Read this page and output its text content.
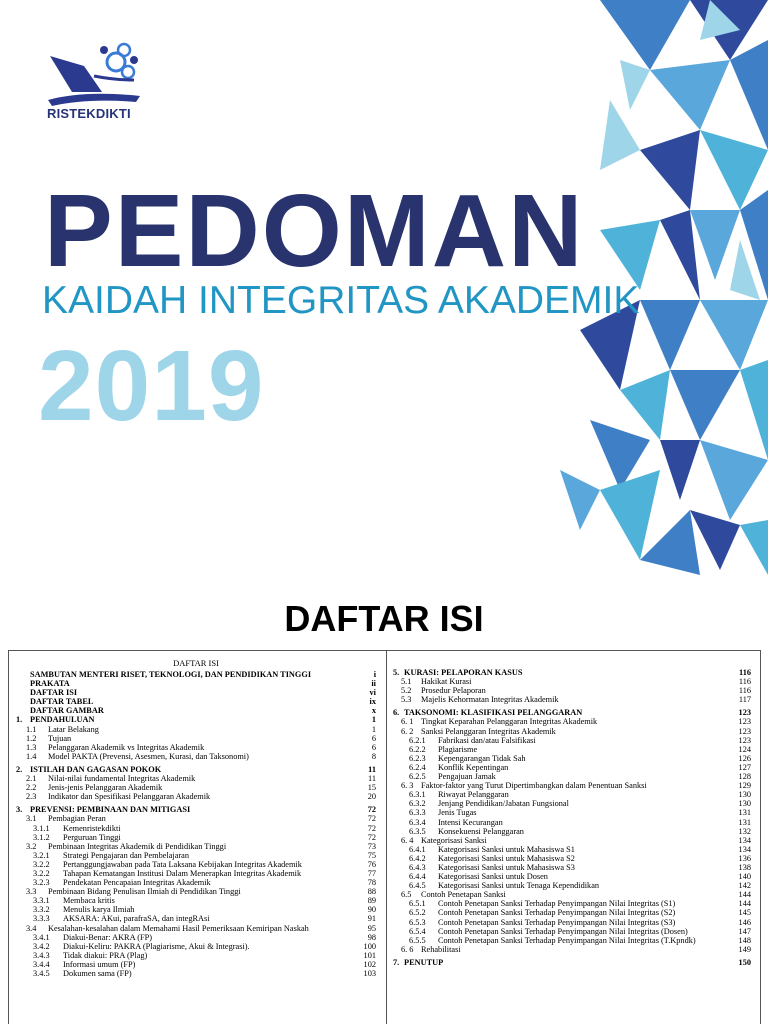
RISTEKDIKTI
PEDOMAN
KAIDAH INTEGRITAS AKADEMIK
2019
DAFTAR ISI
DAFTAR ISI
SAMBUTAN MENTERI RISET, TEKNOLOGI, DAN PENDIDIKAN TINGGI	i
PRAKATA	ii
DAFTAR ISI	vi
DAFTAR TABEL	ix
DAFTAR GAMBAR	x
1. PENDAHULUAN	1
1.1	Latar Belakang	1
1.2	Tujuan	6
1.3	Pelanggaran Akademik vs Integritas Akademik	6
1.4	Model PAKTA (Prevensi, Asesmen, Kurasi, dan Taksonomi)	8
2. ISTILAH DAN GAGASAN POKOK	11
2.1	Nilai-nilai fundamental Integritas Akademik	11
2.2	Jenis-jenis Pelanggaran Akademik	15
2.3	Indikator dan Spesifikasi Pelanggaran Akademik	20
3. PREVENSI: PEMBINAAN DAN MITIGASI	72
3.1	Pembagian Peran	72
3.1.1	Kemenristekdikti	72
3.1.2	Perguruan Tinggi	72
3.2	Pembinaan Integritas Akademik di Pendidikan Tinggi	73
3.2.1	Strategi Pengajaran dan Pembelajaran	75
3.2.2	Pertanggungjawaban pada Tata Laksana Kebijakan Integritas Akademik	76
3.2.2	Tahapan Kematangan Institusi Dalam Menerapkan Integritas Akademik	77
3.2.3	Pendekatan Pencapaian Integritas Akademik	78
3.3	Pembinaan Bidang Penulisan Ilmiah di Pendidikan Tinggi	88
3.3.1	Membaca kritis	89
3.3.2	Menulis karya Ilmiah	90
3.3.3	AKSARA: AKui, parafraSA, dan integRAsi	91
3.4	Kesalahan-kesalahan dalam Memahami Hasil Pemeriksaan Kemiripan Naskah	95
3.4.1	Diakui-Benar: AKRA (FP)	98
3.4.2	Diakui-Keliru: PAKRA (Plagiarisme, Akui & Integrasi).	100
3.4.3	Tidak diakui: PRA (Plag)	101
3.4.4	Informasi umum (FP)	102
3.4.5	Dokumen sama (FP)	103
5. KURASI: PELAPORAN KASUS	116
5.1	Hakikat Kurasi	116
5.2	Prosedur Pelaporan	116
5.3	Majelis Kehormatan Integritas Akademik	117
6. TAKSONOMI: KLASIFIKASI PELANGGARAN	123
6. 1 Tingkat Keparahan Pelanggaran Integritas Akademik	123
6. 2 Sanksi Pelanggaran Integritas Akademik	123
6.2.1	Fabrikasi dan/atau Falsifikasi	123
6.2.2	Plagiarisme	124
6.2.3	Kepengarangan Tidak Sah	126
6.2.4	Konflik Kepentingan	127
6.2.5	Pengajuan Jamak	128
6. 3 Faktor-faktor yang Turut Dipertimbangkan dalam Penentuan Sanksi	129
6.3.1	Riwayat Pelanggaran	130
6.3.2	Jenjang Pendidikan/Jabatan Fungsional	130
6.3.3	Jenis Tugas	131
6.3.4	Intensi Kecurangan	131
6.3.5	Konsekuensi Pelanggaran	132
6. 4 Kategorisasi Sanksi	134
6.4.1	Kategorisasi Sanksi untuk Mahasiswa S1	134
6.4.2	Kategorisasi Sanksi untuk Mahasiswa S2	136
6.4.3	Kategorisasi Sanksi untuk Mahasiswa S3	138
6.4.4	Kategorisasi Sanksi untuk Dosen	140
6.4.5	Kategorisasi Sanksi untuk Tenaga Kependidikan	142
6.5	Contoh Penetapan Sanksi	144
6.5.1	Contoh Penetapan Sanksi Terhadap Penyimpangan Nilai Integritas (S1)	144
6.5.2	Contoh Penetapan Sanksi Terhadap Penyimpangan Nilai Integritas (S2)	145
6.5.3	Contoh Penetapan Sanksi Terhadap Penyimpangan Nilai Integritas (S3)	146
6.5.4	Contoh Penetapan Sanksi Terhadap Penyimpangan Nilai Integritas (Dosen)	147
6.5.5	Contoh Penetapan Sanksi Terhadap Penyimpangan Nilai Integritas (T.Kpndk)	148
6. 6 Rehabilitasi	149
7. PENUTUP	150
